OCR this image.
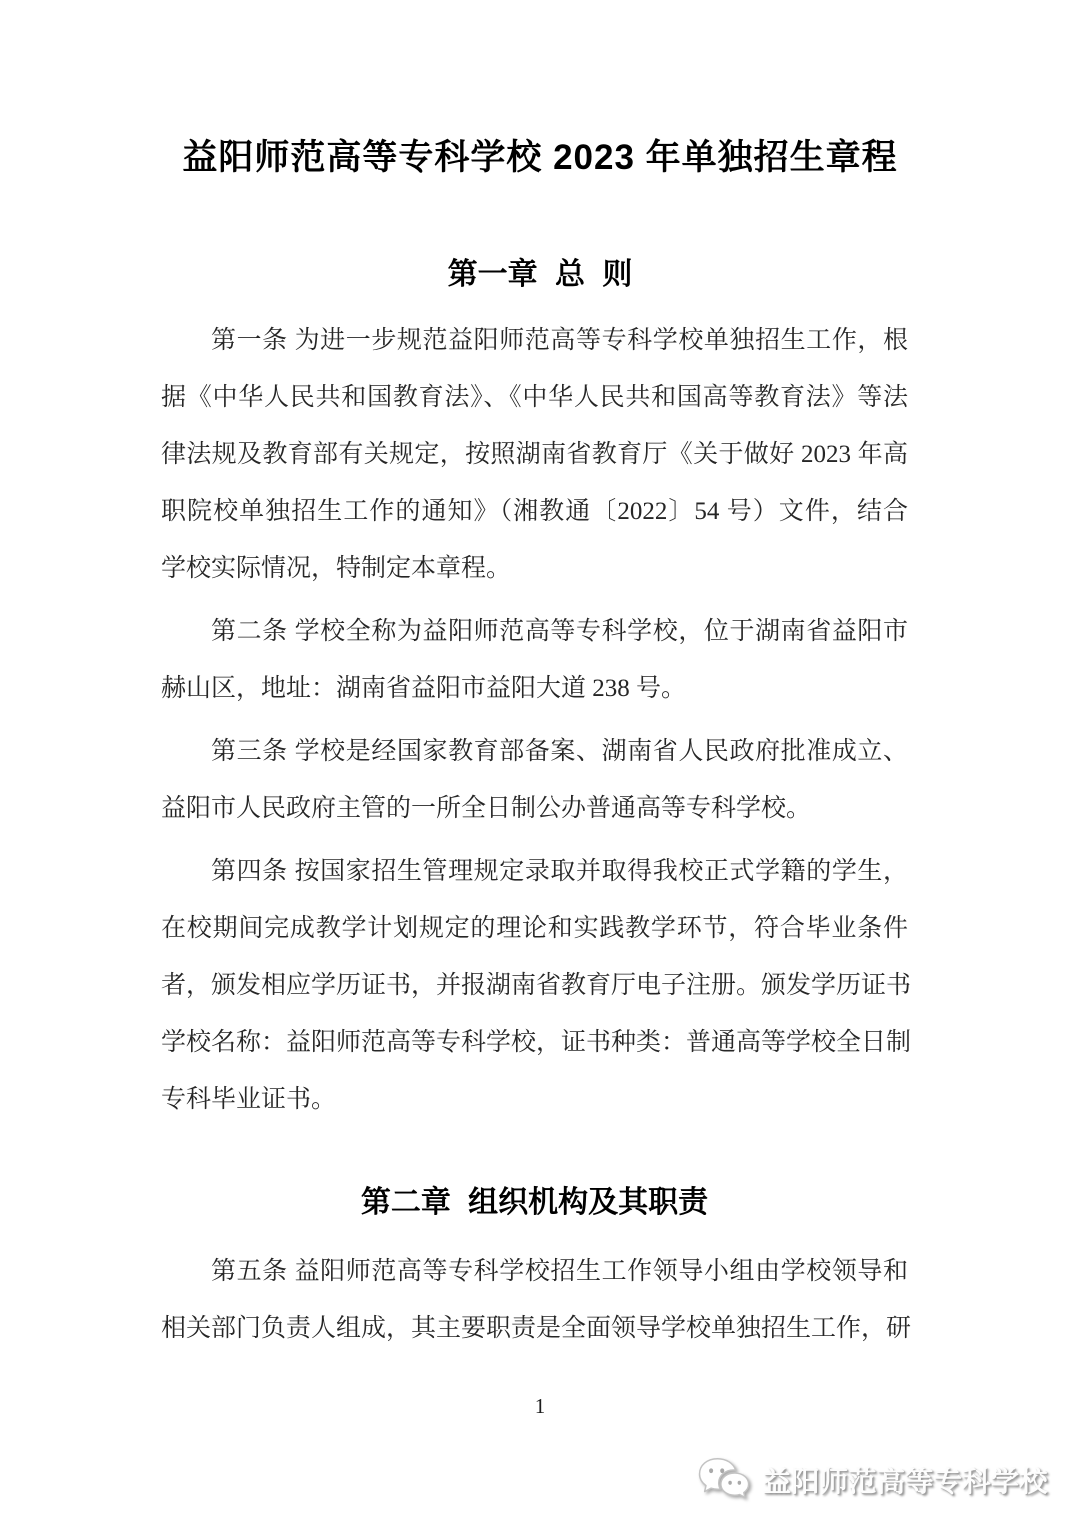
益阳师范高等专科学校 2023 年单独招生章程
第一章 总 则

第一条 为进一步规范益阳师范高等专科学校单独招生工作，根
据《中华人民共和国教育法》、《中华人民共和国高等教育法》等法
律法规及教育部有关规定，按照湖南省教育厅《关于做好 2023 年高
职院校单独招生工作的通知》（湘教通〔2022〕54 号）文件，结合
学校实际情况，特制定本章程。

第二条 学校全称为益阳师范高等专科学校，位于湖南省益阳市
赫山区，地址：湖南省益阳市益阳大道 238 号。

第三条 学校是经国家教育部备案、湖南省人民政府批准成立、
益阳市人民政府主管的一所全日制公办普通高等专科学校。

第四条 按国家招生管理规定录取并取得我校正式学籍的学生，
在校期间完成教学计划规定的理论和实践教学环节，符合毕业条件
者，颁发相应学历证书，并报湖南省教育厅电子注册。颁发学历证书
学校名称：益阳师范高等专科学校，证书种类：普通高等学校全日制
专科毕业证书。

第二章 组织机构及其职责

第五条 益阳师范高等专科学校招生工作领导小组由学校领导和
相关部门负责人组成，其主要职责是全面领导学校单独招生工作，研

1
益阳师范高等专科学校
